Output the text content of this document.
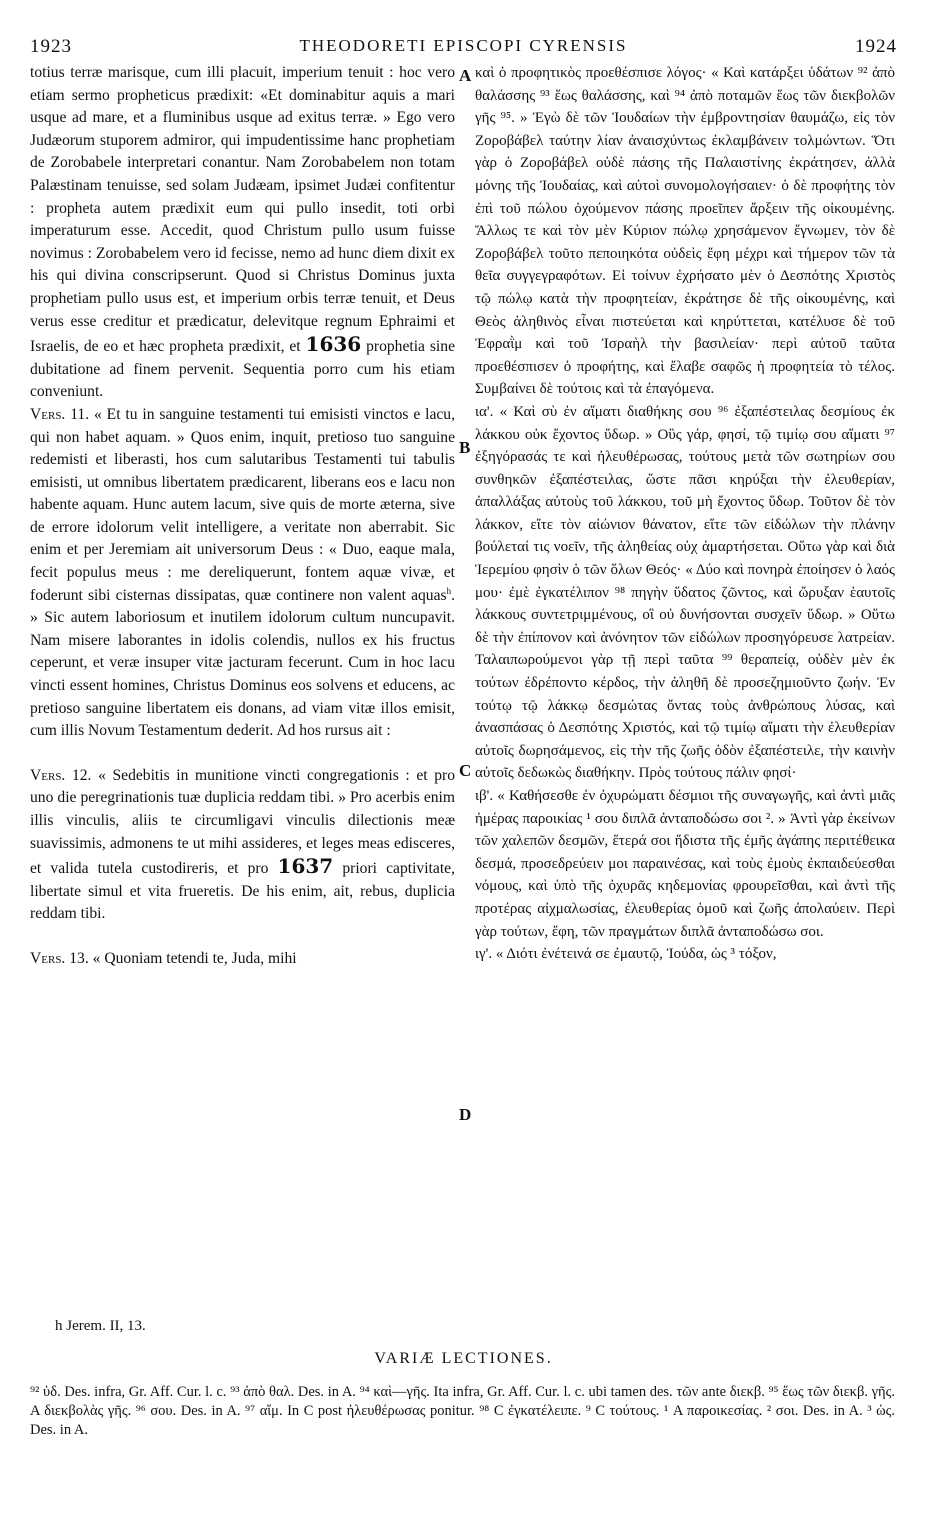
1923	THEODORETI EPISCOPI CYRENSIS	1924
A
B
C
D

totius terræ marisque, cum illi placuit, imperium tenuit : hoc vero etiam sermo propheticus prædixit: «Et dominabitur aquis a mari usque ad mare, et a fluminibus usque ad exitus terræ. » Ego vero Judæorum stuporem admiror, qui impudentissime hanc prophetiam de Zorobabele interpretari conantur. Nam Zorobabelem non totam Palæstinam tenuisse, sed solam Judæam, ipsimet Judæi confitentur : propheta autem prædixit eum qui pullo insedit, toti orbi imperaturum esse. Accedit, quod Christum pullo usum fuisse novimus : Zorobabelem vero id fecisse, nemo ad hunc diem dixit ex his qui divina conscripserunt. Quod si Christus Dominus juxta prophetiam pullo usus est, et imperium orbis terræ tenuit, et Deus verus esse creditur et prædicatur, delevitque regnum Ephraimi et Israelis, de eo et hæc propheta prædixit, et 1636 prophetia sine dubitatione ad finem pervenit. Sequentia porro cum his etiam conveniunt.

Vers. 11. « Et tu in sanguine testamenti tui emisisti vinctos e lacu, qui non habet aquam. » Quos enim, inquit, pretioso tuo sanguine redemisti et liberasti, hos cum salutaribus Testamenti tui tabulis emisisti, ut omnibus libertatem prædicarent, liberans eos e lacu non habente aquam. Hunc autem lacum, sive quis de morte æterna, sive de errore idolorum velit intelligere, a veritate non aberrabit. Sic enim et per Jeremiam ait universorum Deus : « Duo, eaque mala, fecit populus meus : me dereliquerunt, fontem aquæ vivæ, et foderunt sibi cisternas dissipatas, quæ continere non valent aquas$^h$. » Sic autem laboriosum et inutilem idolorum cultum nuncupavit. Nam misere laborantes in idolis colendis, nullos ex his fructus ceperunt, et veræ insuper vitæ jacturam fecerunt. Cum in hoc lacu vincti essent homines, Christus Dominus eos solvens et educens, ac pretioso sanguine libertatem eis donans, ad viam vitæ illos emisit, cum illis Novum Testamentum dederit. Ad hos rursus ait :

Vers. 12. « Sedebitis in munitione vincti congregationis : et pro uno die peregrinationis tuæ duplicia reddam tibi. » Pro acerbis enim illis vinculis, aliis te circumligavi vinculis dilectionis meæ suavissimis, admonens te ut mihi assideres, et leges meas edisceres, et valida tutela custodireris, et pro 1637 priori captivitate, libertate simul et vita frueretis. De his enim, ait, rebus, duplicia reddam tibi.

Vers. 13. « Quoniam tetendi te, Juda, mihi

καὶ ὁ προφητικὸς προεθέσπισε λόγος· « Καὶ κατάρξει ὑδάτων ⁹² ἀπὸ θαλάσσης ⁹³ ἕως θαλάσσης, καὶ ⁹⁴ ἀπὸ ποταμῶν ἕως τῶν διεκβολῶν γῆς ⁹⁵. » Ἐγὼ δὲ τῶν Ἰουδαίων τὴν ἐμβροντησίαν θαυμάζω, εἰς τὸν Ζοροβάβελ ταύτην λίαν ἀναισχύντως ἐκλαμβάνειν τολμώντων. Ὅτι γὰρ ὁ Ζοροβάβελ οὐδὲ πάσης τῆς Παλαιστίνης ἐκράτησεν, ἀλλὰ μόνης τῆς Ἰουδαίας, καὶ αὐτοὶ συνομολογήσαιεν· ὁ δὲ προφήτης τὸν ἐπὶ τοῦ πώλου ὀχούμενον πάσης προεῖπεν ἄρξειν τῆς οἰκουμένης. Ἄλλως τε καὶ τὸν μὲν Κύριον πώλῳ χρησάμενον ἔγνωμεν, τὸν δὲ Ζοροβάβελ τοῦτο πεποιηκότα οὐδεὶς ἔφη μέχρι καὶ τήμερον τῶν τὰ θεῖα συγγεγραφότων. Εἰ τοίνυν ἐχρήσατο μὲν ὁ Δεσπότης Χριστὸς τῷ πώλῳ κατὰ τὴν προφητείαν, ἐκράτησε δὲ τῆς οἰκουμένης, καὶ Θεὸς ἀληθινὸς εἶναι πιστεύεται καὶ κηρύττεται, κατέλυσε δὲ τοῦ Ἐφραῒμ καὶ τοῦ Ἰσραὴλ τὴν βασιλείαν· περὶ αὐτοῦ ταῦτα προεθέσπισεν ὁ προφήτης, καὶ ἔλαβε σαφῶς ἡ προφητεία τὸ τέλος. Συμβαίνει δὲ τούτοις καὶ τὰ ἐπαγόμενα.

ια'. « Καὶ σὺ ἐν αἵματι διαθήκης σου ⁹⁶ ἐξαπέστειλας δεσμίους ἐκ λάκκου οὐκ ἔχοντος ὕδωρ. » Οὓς γάρ, φησί, τῷ τιμίῳ σου αἵματι ⁹⁷ ἐξηγόρασάς τε καὶ ἠλευθέρωσας, τούτους μετὰ τῶν σωτηρίων σου συνθηκῶν ἐξαπέστειλας, ὥστε πᾶσι κηρύξαι τὴν ἐλευθερίαν, ἀπαλλάξας αὐτοὺς τοῦ λάκκου, τοῦ μὴ ἔχοντος ὕδωρ. Τοῦτον δὲ τὸν λάκκον, εἴτε τὸν αἰώνιον θάνατον, εἴτε τῶν εἰδώλων τὴν πλάνην βούλεταί τις νοεῖν, τῆς ἀληθείας οὐχ ἁμαρτήσεται. Οὕτω γὰρ καὶ διὰ Ἱερεμίου φησὶν ὁ τῶν ὅλων Θεός· « Δύο καὶ πονηρὰ ἐποίησεν ὁ λαός μου· ἐμὲ ἐγκατέλιπον ⁹⁸ πηγὴν ὕδατος ζῶντος, καὶ ὤρυξαν ἑαυτοῖς λάκκους συντετριμμένους, οἳ οὐ δυνήσονται συσχεῖν ὕδωρ. » Οὕτω δὲ τὴν ἐπίπονον καὶ ἀνόνητον τῶν εἰδώλων προσηγόρευσε λατρείαν. Ταλαιπωρούμενοι γὰρ τῇ περὶ ταῦτα ⁹⁹ θεραπείᾳ, οὐδὲν μὲν ἐκ τούτων ἐδρέποντο κέρδος, τὴν ἀληθῆ δὲ προσεζημιοῦντο ζωήν. Ἐν τούτῳ τῷ λάκκῳ δεσμώτας ὄντας τοὺς ἀνθρώπους λύσας, καὶ ἀνασπάσας ὁ Δεσπότης Χριστός, καὶ τῷ τιμίῳ αἵματι τὴν ἐλευθερίαν αὐτοῖς δωρησάμενος, εἰς τὴν τῆς ζωῆς ὁδὸν ἐξαπέστειλε, τὴν καινὴν αὐτοῖς δεδωκὼς διαθήκην. Πρὸς τούτους πάλιν φησί·

ιβ'. « Καθήσεσθε ἐν ὀχυρώματι δέσμιοι τῆς συναγωγῆς, καὶ ἀντὶ μιᾶς ἡμέρας παροικίας ¹ σου διπλᾶ ἀνταποδώσω σοι ². » Ἀντὶ γὰρ ἐκείνων τῶν χαλεπῶν δεσμῶν, ἕτερά σοι ἥδιστα τῆς ἐμῆς ἀγάπης περιτέθεικα δεσμά, προσεδρεύειν μοι παραινέσας, καὶ τοὺς ἐμοὺς ἐκπαιδεύεσθαι νόμους, καὶ ὑπὸ τῆς ὀχυρᾶς κηδεμονίας φρουρεῖσθαι, καὶ ἀντὶ τῆς προτέρας αἰχμαλωσίας, ἐλευθερίας ὁμοῦ καὶ ζωῆς ἀπολαύειν. Περὶ γὰρ τούτων, ἔφη, τῶν πραγμάτων διπλᾶ ἀνταποδώσω σοι.

ιγ'. « Διότι ἐνέτεινά σε ἐμαυτῷ, Ἰούδα, ὡς ³ τόξον,

h Jerem. II, 13.
VARIÆ LECTIONES.
⁹² ὑδ. Des. infra, Gr. Aff. Cur. l. c. ⁹³ ἀπὸ θαλ. Des. in A. ⁹⁴ καὶ—γῆς. Ita infra, Gr. Aff. Cur. l. c. ubi tamen des. τῶν ante διεκβ. ⁹⁵ ἕως τῶν διεκβ. γῆς. A διεκβολὰς γῆς. ⁹⁶ σου. Des. in A. ⁹⁷ αἵμ. In C post ἠλευθέρωσας ponitur. ⁹⁸ C ἐγκατέλειπε. ⁹ C τούτους. ¹ A παροικεσίας. ² σοι. Des. in A. ³ ὡς. Des. in A.
